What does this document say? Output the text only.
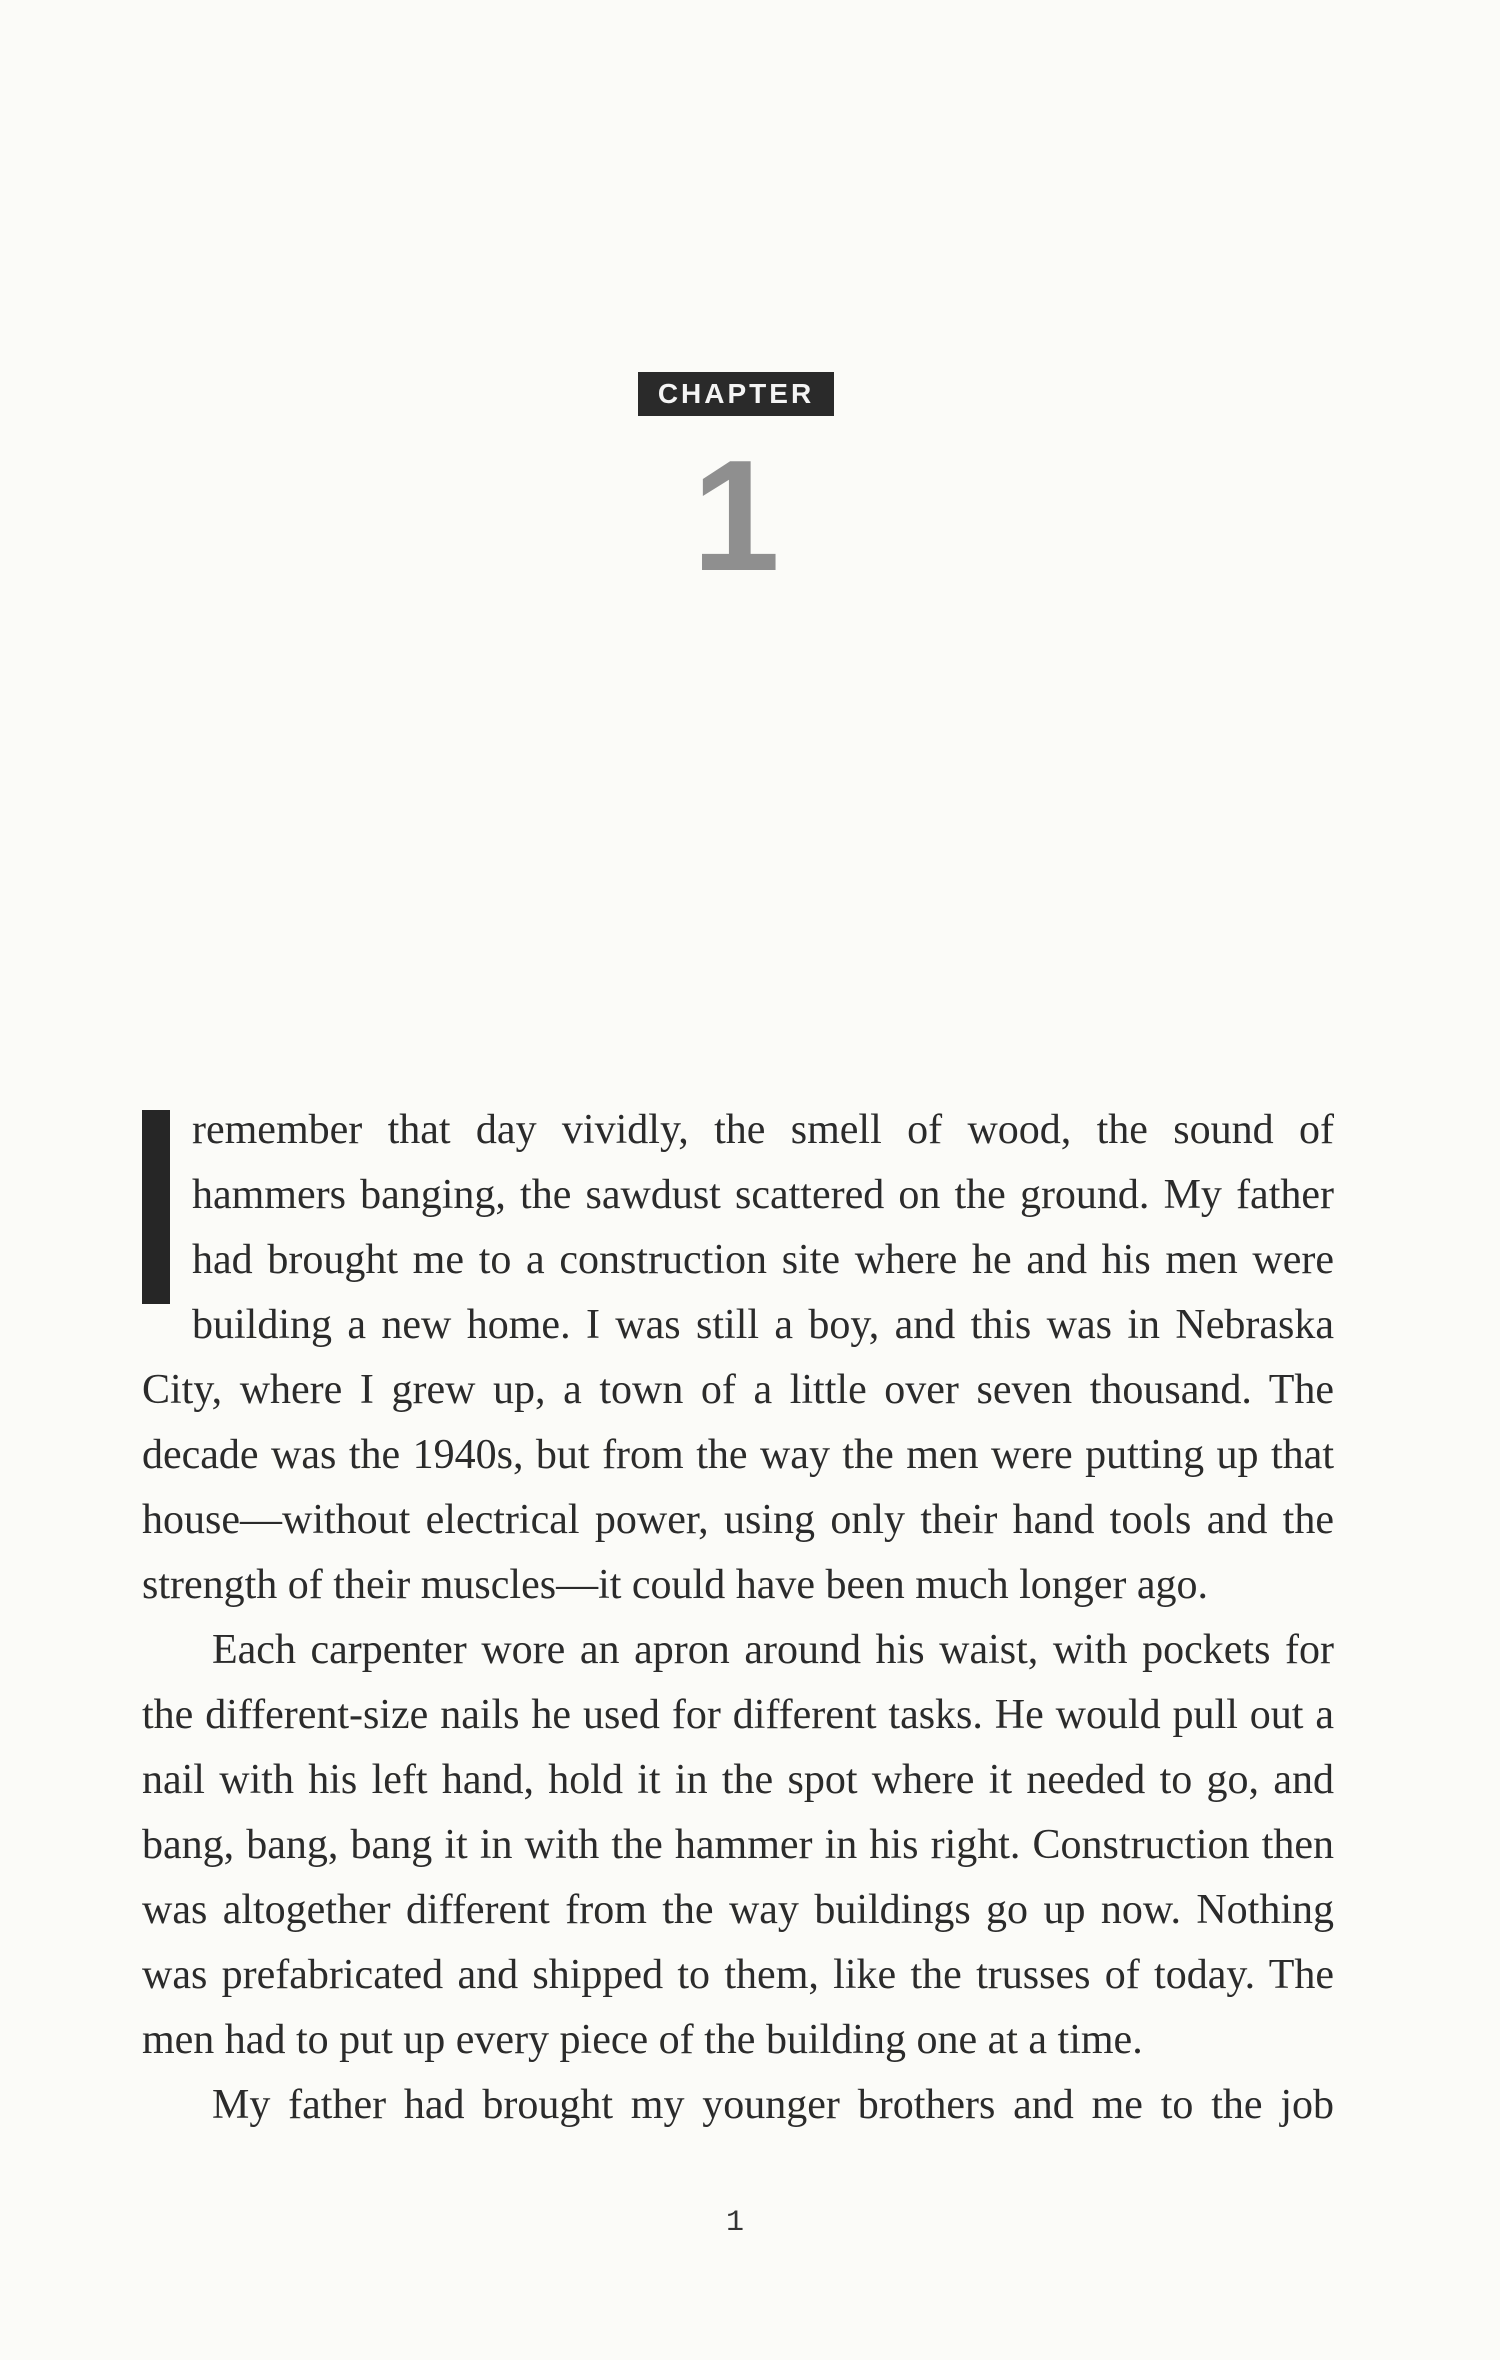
CHAPTER
1

remember that day vividly, the smell of wood, the sound of hammers banging, the sawdust scattered on the ground. My father had brought me to a construction site where he and his men were building a new home. I was still a boy, and this was in Nebraska City, where I grew up, a town of a little over seven thousand. The decade was the 1940s, but from the way the men were putting up that house—without electrical power, using only their hand tools and the strength of their muscles—it could have been much longer ago.

Each carpenter wore an apron around his waist, with pockets for the different-size nails he used for different tasks. He would pull out a nail with his left hand, hold it in the spot where it needed to go, and bang, bang, bang it in with the hammer in his right. Construction then was altogether different from the way buildings go up now. Nothing was prefabricated and shipped to them, like the trusses of today. The men had to put up every piece of the building one at a time.

My father had brought my younger brothers and me to the job

1
